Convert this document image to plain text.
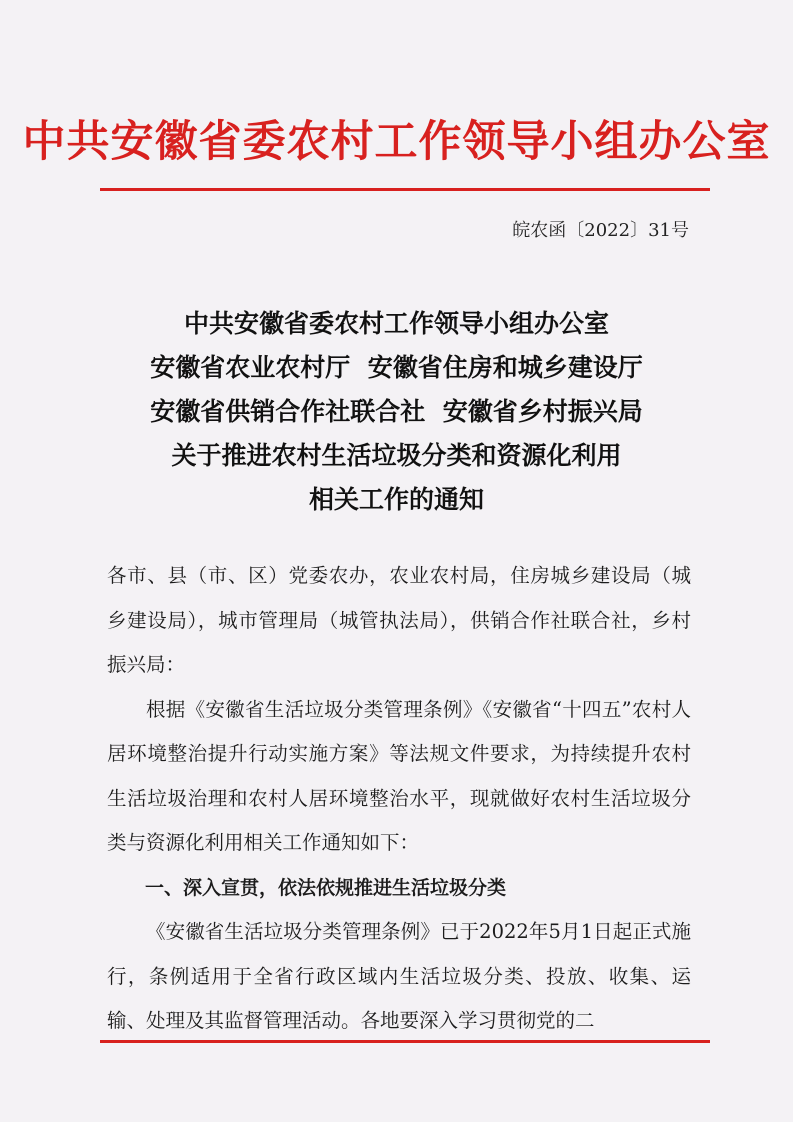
中共安徽省委农村工作领导小组办公室
皖农函〔2022〕31号
中共安徽省委农村工作领导小组办公室
安徽省农业农村厅  安徽省住房和城乡建设厅
安徽省供销合作社联合社  安徽省乡村振兴局
关于推进农村生活垃圾分类和资源化利用
相关工作的通知

各市、县（市、区）党委农办，农业农村局，住房城乡建设局（城乡建设局），城市管理局（城管执法局），供销合作社联合社，乡村振兴局：

根据《安徽省生活垃圾分类管理条例》《安徽省“十四五”农村人居环境整治提升行动实施方案》等法规文件要求，为持续提升农村生活垃圾治理和农村人居环境整治水平，现就做好农村生活垃圾分类与资源化利用相关工作通知如下：

一、深入宣贯，依法依规推进生活垃圾分类

《安徽省生活垃圾分类管理条例》已于2022年5月1日起正式施行，条例适用于全省行政区域内生活垃圾分类、投放、收集、运输、处理及其监督管理活动。各地要深入学习贯彻党的二
